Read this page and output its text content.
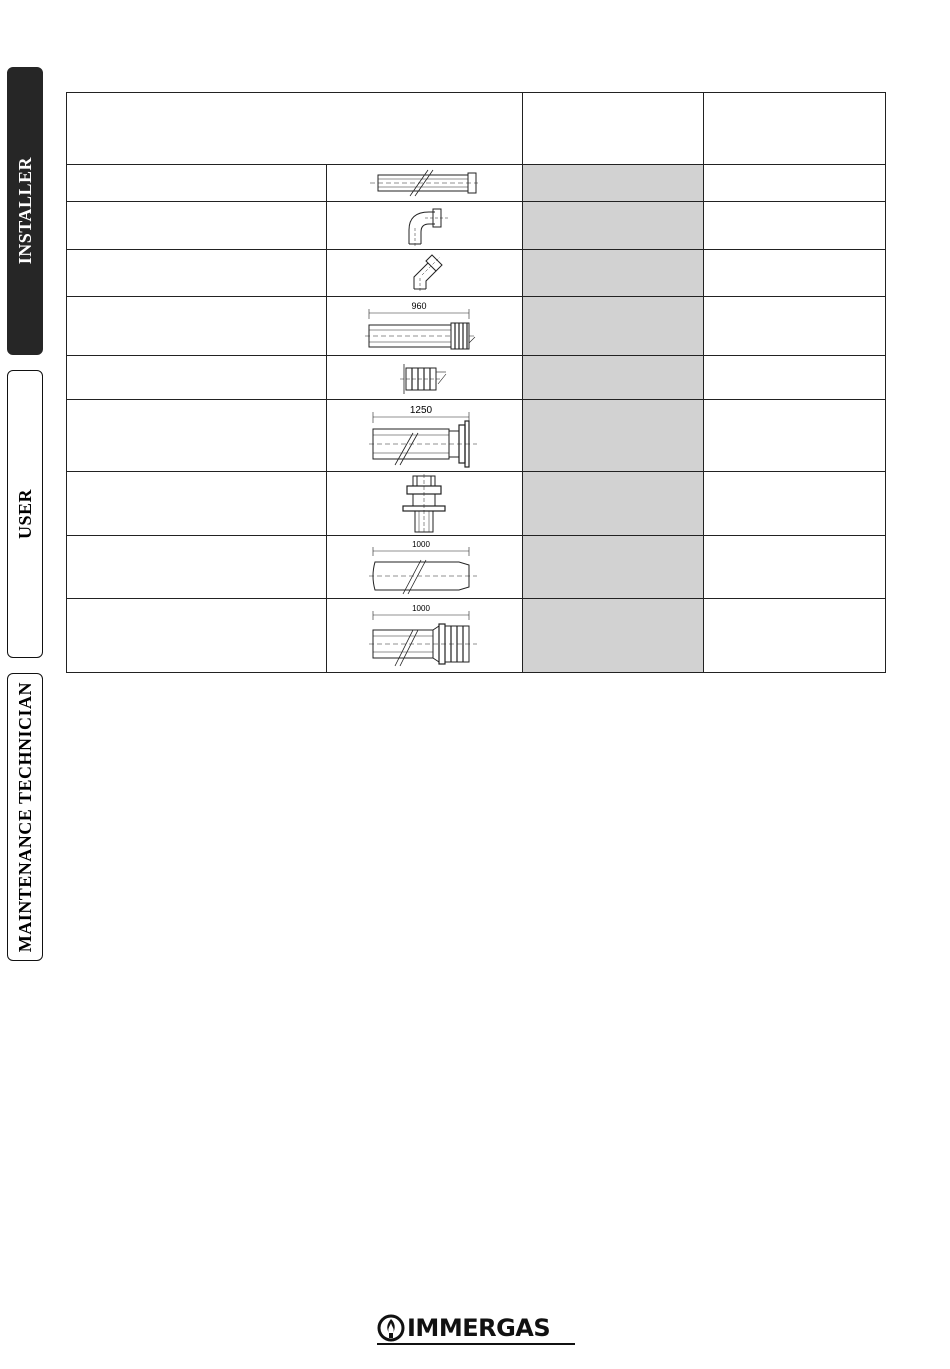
INSTALLER
USER
MAINTENANCE TECHNICIAN

960		

1250		

1000		

1000		

IMMERGAS
